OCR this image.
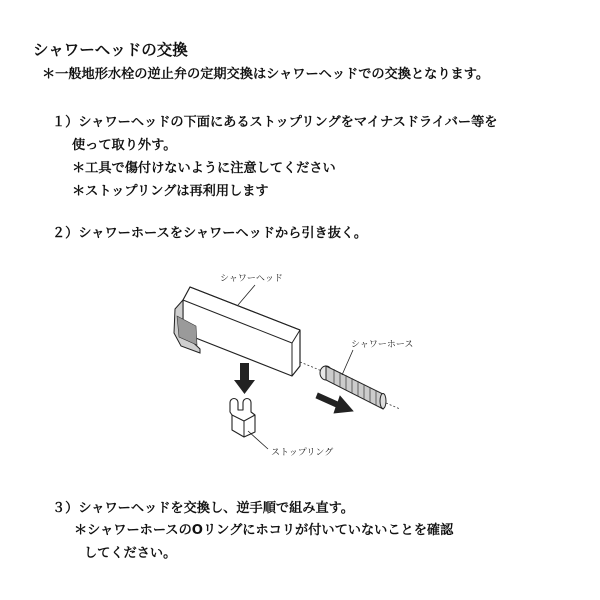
シャワーヘッドの交換
＊一般地形水栓の逆止弁の定期交換はシャワーヘッドでの交換となります。
１）シャワーヘッドの下面にあるストップリングをマイナスドライバー等を
使って取り外す。
＊工具で傷付けないように注意してください
＊ストップリングは再利用します
２）シャワーホースをシャワーヘッドから引き抜く。
シャワーヘッド
シャワーホース
ストップリング
３）シャワーヘッドを交換し、逆手順で組み直す。
＊シャワーホースのOリングにホコリが付いていないことを確認
してください。
